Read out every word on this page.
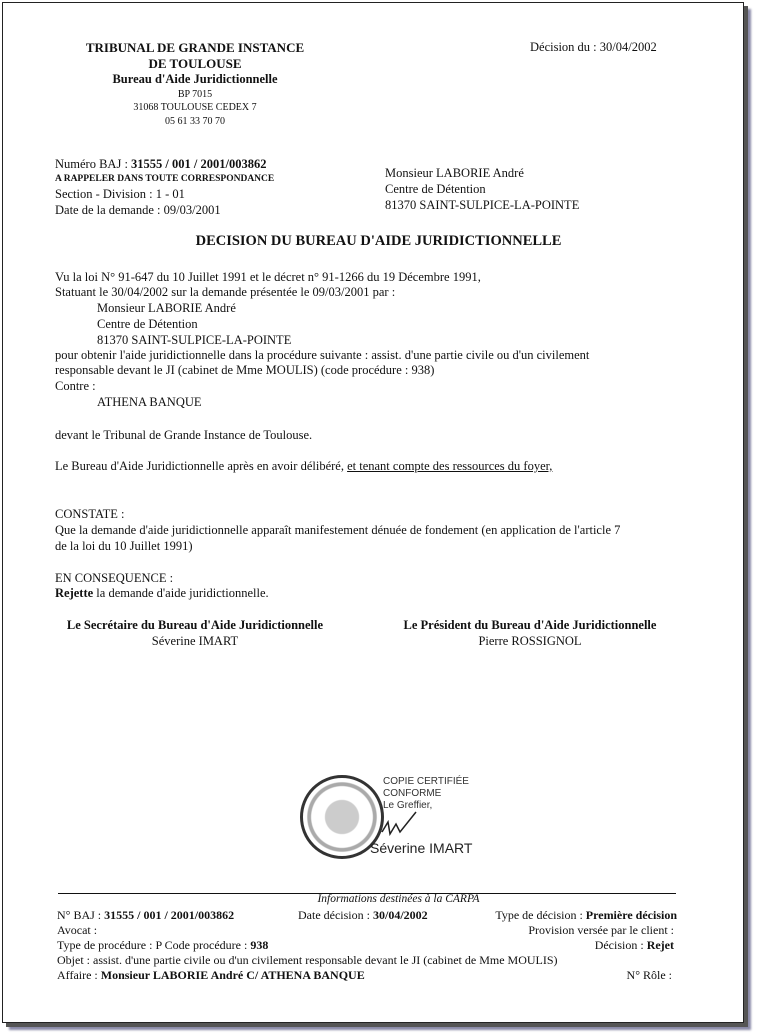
TRIBUNAL DE GRANDE INSTANCE
DE TOULOUSE
Bureau d'Aide Juridictionnelle
BP 7015
31068 TOULOUSE CEDEX 7
05 61 33 70 70
Décision du : 30/04/2002
Numéro BAJ : 31555 / 001 / 2001/003862
A RAPPELER DANS TOUTE CORRESPONDANCE
Section - Division : 1 - 01
Date de la demande : 09/03/2001
Monsieur LABORIE André
Centre de Détention
81370 SAINT-SULPICE-LA-POINTE
DECISION DU BUREAU D'AIDE JURIDICTIONNELLE
Vu la loi N° 91-647 du 10 Juillet 1991 et le décret n° 91-1266 du 19 Décembre 1991,
Statuant le 30/04/2002 sur la demande présentée le 09/03/2001 par :
Monsieur LABORIE André
Centre de Détention
81370 SAINT-SULPICE-LA-POINTE
pour obtenir l'aide juridictionnelle dans la procédure suivante : assist. d'une partie civile ou d'un civilement
responsable devant le JI (cabinet de Mme MOULIS) (code procédure : 938)
Contre :
ATHENA BANQUE
devant le Tribunal de Grande Instance de Toulouse.
Le Bureau d'Aide Juridictionnelle après en avoir délibéré, et tenant compte des ressources du foyer,
CONSTATE :
Que la demande d'aide juridictionnelle apparaît manifestement dénuée de fondement (en application de l'article 7
de la loi du 10 Juillet 1991)
EN CONSEQUENCE :
Rejette la demande d'aide juridictionnelle.
Le Secrétaire du Bureau d'Aide Juridictionnelle
Séverine IMART
Le Président du Bureau d'Aide Juridictionnelle
Pierre ROSSIGNOL
COPIE CERTIFIÉE
CONFORME
Le Greffier,
Séverine IMART
Informations destinées à la CARPA
N° BAJ : 31555 / 001 / 2001/003862	Date décision : 30/04/2002	Type de décision : Première décision
Avocat :	Provision versée par le client :
Type de procédure : P Code procédure : 938	Décision : Rejet
Objet : assist. d'une partie civile ou d'un civilement responsable devant le JI (cabinet de Mme MOULIS)
Affaire : Monsieur LABORIE André C/ ATHENA BANQUE	N° Rôle :
